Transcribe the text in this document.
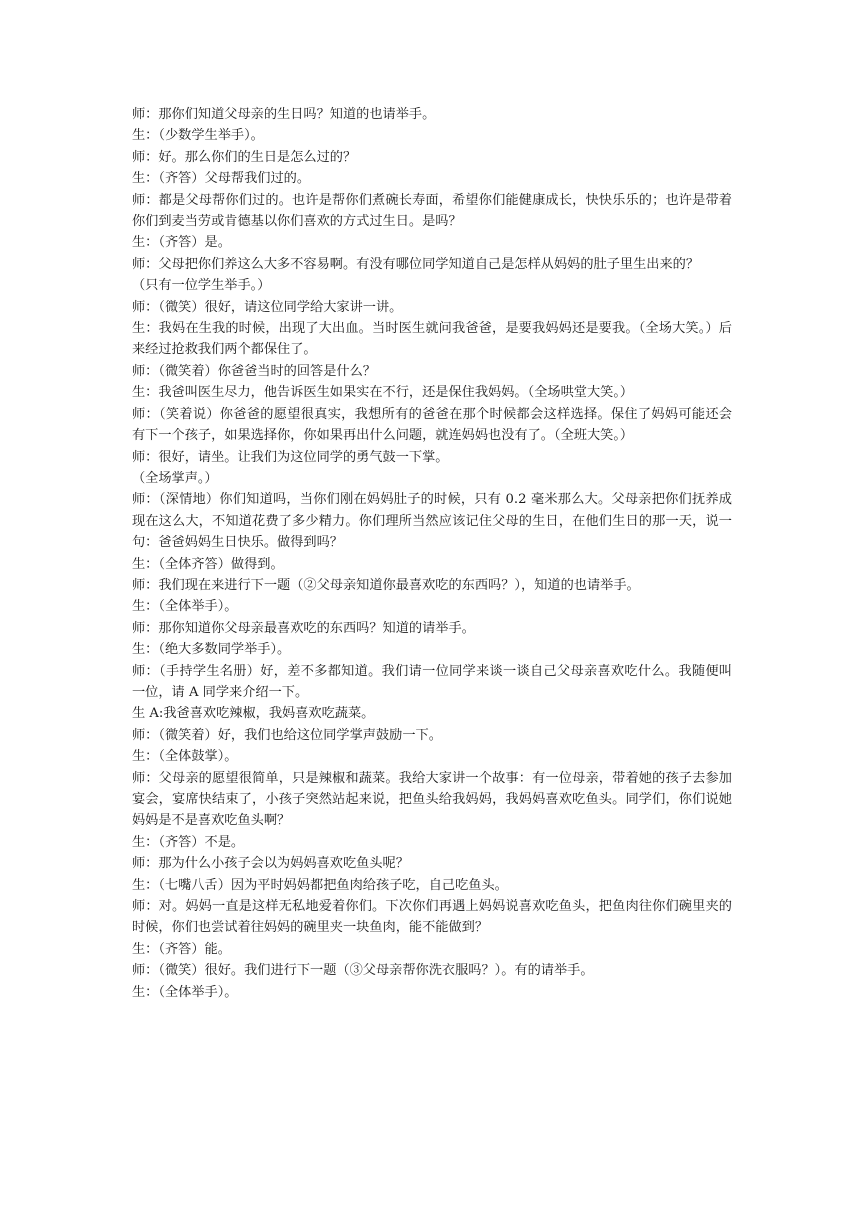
师：那你们知道父母亲的生日吗？知道的也请举手。

生：（少数学生举手）。

师：好。那么你们的生日是怎么过的？

生：（齐答）父母帮我们过的。

师：都是父母帮你们过的。也许是帮你们煮碗长寿面，希望你们能健康成长，快快乐乐的；也许是带着你们到麦当劳或肯德基以你们喜欢的方式过生日。是吗？

生：（齐答）是。

师：父母把你们养这么大多不容易啊。有没有哪位同学知道自己是怎样从妈妈的肚子里生出来的？

（只有一位学生举手。）

师：（微笑）很好，请这位同学给大家讲一讲。

生：我妈在生我的时候，出现了大出血。当时医生就问我爸爸，是要我妈妈还是要我。（全场大笑。）后来经过抢救我们两个都保住了。

师：（微笑着）你爸爸当时的回答是什么？

生：我爸叫医生尽力，他告诉医生如果实在不行，还是保住我妈妈。（全场哄堂大笑。）

师：（笑着说）你爸爸的愿望很真实，我想所有的爸爸在那个时候都会这样选择。保住了妈妈可能还会有下一个孩子，如果选择你，你如果再出什么问题，就连妈妈也没有了。（全班大笑。）

师：很好，请坐。让我们为这位同学的勇气鼓一下掌。

（全场掌声。）

师：（深情地）你们知道吗，当你们刚在妈妈肚子的时候，只有 0.2 毫米那么大。父母亲把你们抚养成现在这么大，不知道花费了多少精力。你们理所当然应该记住父母的生日，在他们生日的那一天，说一句：爸爸妈妈生日快乐。做得到吗？

生：（全体齐答）做得到。

师：我们现在来进行下一题（②父母亲知道你最喜欢吃的东西吗？），知道的也请举手。

生：（全体举手）。

师：那你知道你父母亲最喜欢吃的东西吗？知道的请举手。

生：（绝大多数同学举手）。

师：（手持学生名册）好，差不多都知道。我们请一位同学来谈一谈自己父母亲喜欢吃什么。我随便叫一位，请 A 同学来介绍一下。

生 A:我爸喜欢吃辣椒，我妈喜欢吃蔬菜。

师：（微笑着）好，我们也给这位同学掌声鼓励一下。

生：（全体鼓掌）。

师：父母亲的愿望很简单，只是辣椒和蔬菜。我给大家讲一个故事：有一位母亲，带着她的孩子去参加宴会，宴席快结束了，小孩子突然站起来说，把鱼头给我妈妈，我妈妈喜欢吃鱼头。同学们，你们说她妈妈是不是喜欢吃鱼头啊？

生：（齐答）不是。

师：那为什么小孩子会以为妈妈喜欢吃鱼头呢？

生：（七嘴八舌）因为平时妈妈都把鱼肉给孩子吃，自己吃鱼头。

师：对。妈妈一直是这样无私地爱着你们。下次你们再遇上妈妈说喜欢吃鱼头，把鱼肉往你们碗里夹的时候，你们也尝试着往妈妈的碗里夹一块鱼肉，能不能做到？

生：（齐答）能。

师：（微笑）很好。我们进行下一题（③父母亲帮你洗衣服吗？）。有的请举手。

生：（全体举手）。
